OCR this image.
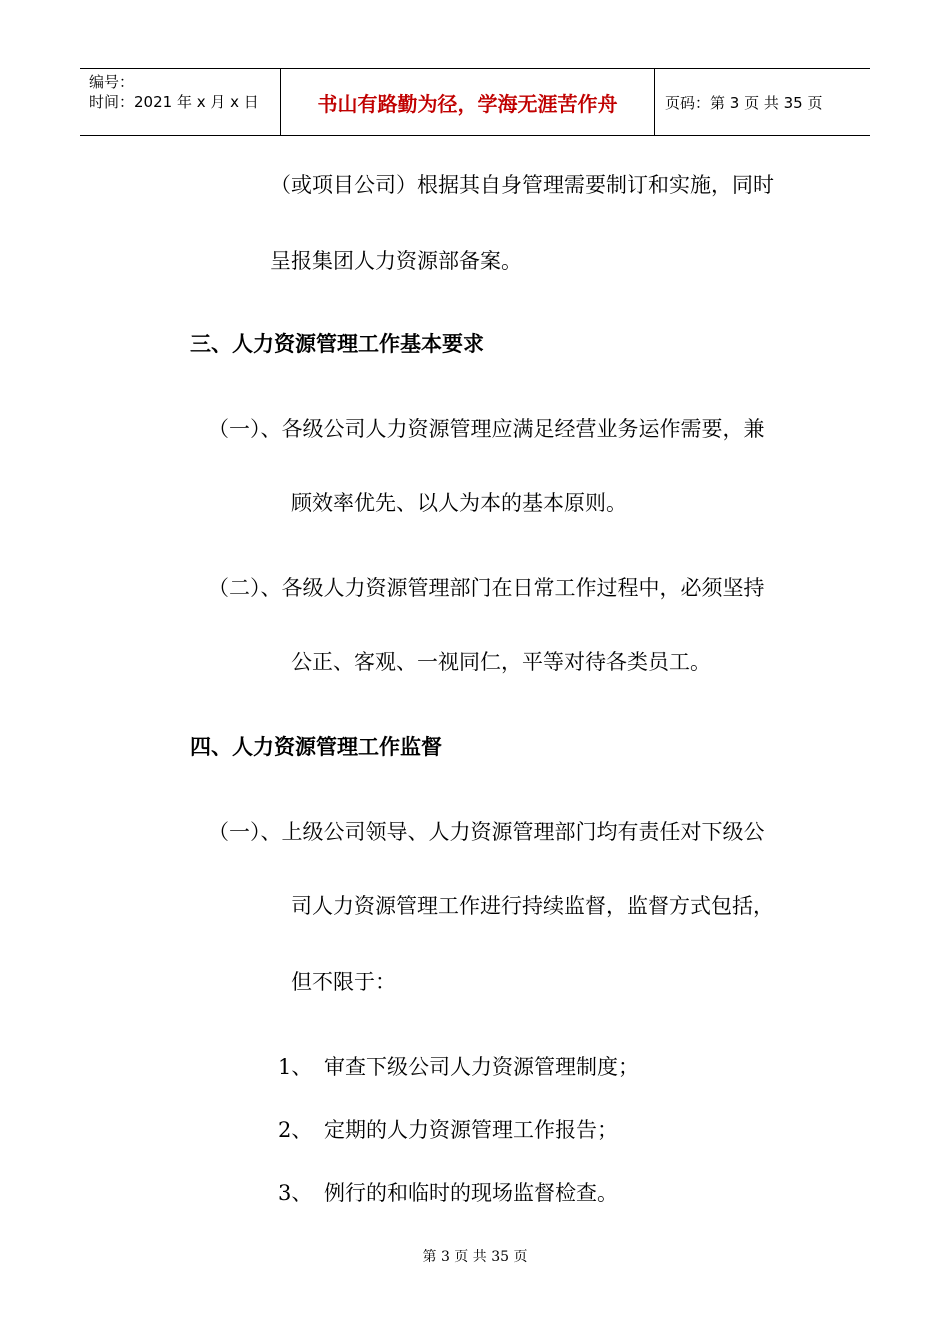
编号：
时间：2021 年 x 月 x 日	书山有路勤为径，学海无涯苦作舟	页码：第 3 页 共 35 页
（或项目公司）根据其自身管理需要制订和实施，同时
呈报集团人力资源部备案。
三、人力资源管理工作基本要求
（一）、各级公司人力资源管理应满足经营业务运作需要，兼
顾效率优先、以人为本的基本原则。
（二）、各级人力资源管理部门在日常工作过程中，必须坚持
公正、客观、一视同仁，平等对待各类员工。
四、人力资源管理工作监督
（一）、上级公司领导、人力资源管理部门均有责任对下级公
司人力资源管理工作进行持续监督，监督方式包括，
但不限于：
1、 审查下级公司人力资源管理制度；
2、 定期的人力资源管理工作报告；
3、 例行的和临时的现场监督检查。
第 3 页 共 35 页
